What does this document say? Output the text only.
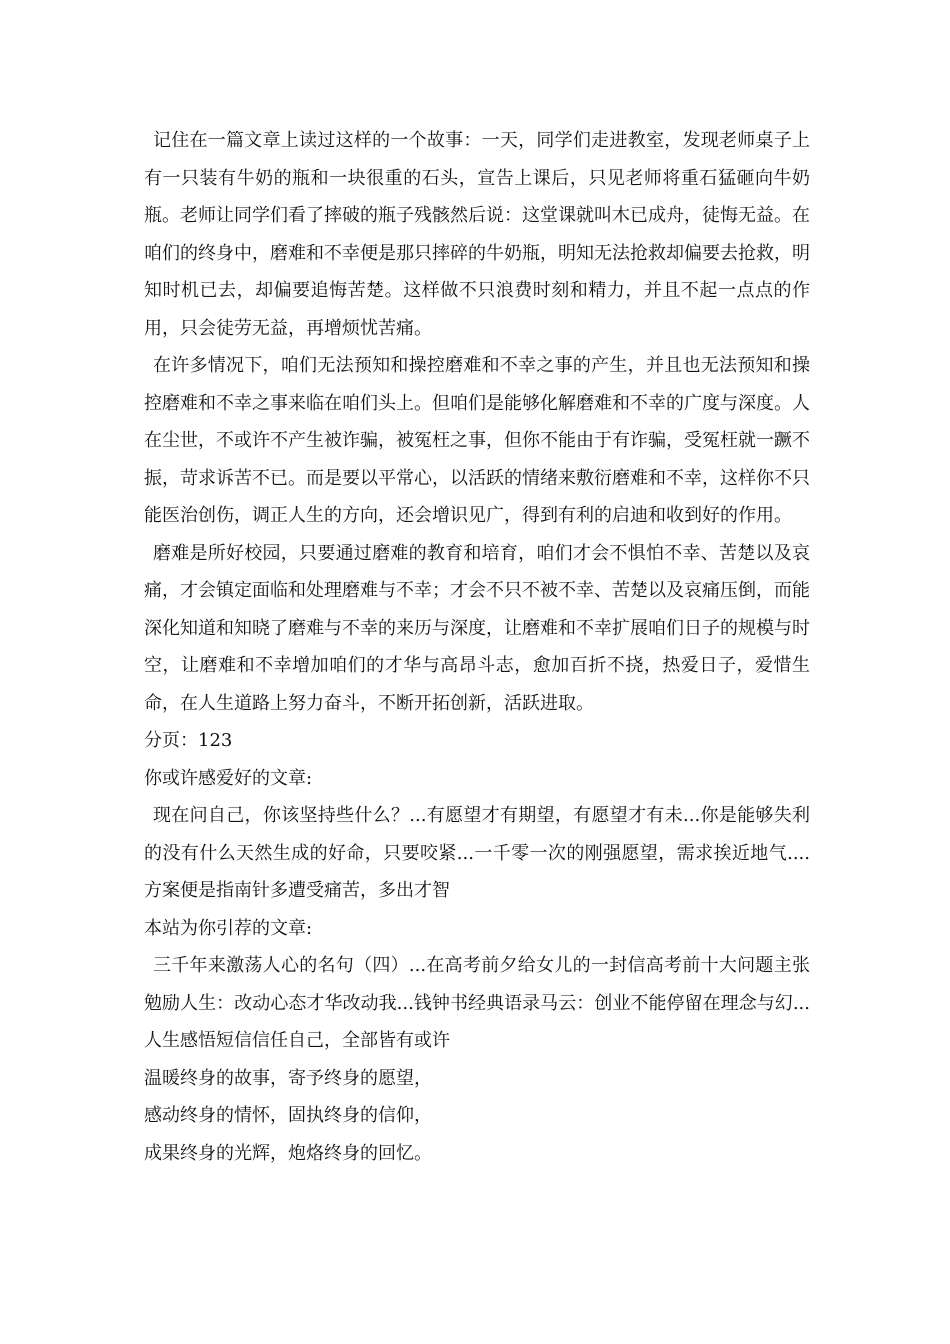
记住在一篇文章上读过这样的一个故事：一天，同学们走进教室，发现老师桌子上有一只装有牛奶的瓶和一块很重的石头，宣告上课后，只见老师将重石猛砸向牛奶瓶。老师让同学们看了摔破的瓶子残骸然后说：这堂课就叫木已成舟，徒悔无益。在咱们的终身中，磨难和不幸便是那只摔碎的牛奶瓶，明知无法抢救却偏要去抢救，明知时机已去，却偏要追悔苦楚。这样做不只浪费时刻和精力，并且不起一点点的作用，只会徒劳无益，再增烦忧苦痛。

在许多情况下，咱们无法预知和操控磨难和不幸之事的产生，并且也无法预知和操控磨难和不幸之事来临在咱们头上。但咱们是能够化解磨难和不幸的广度与深度。人在尘世，不或许不产生被诈骗，被冤枉之事，但你不能由于有诈骗，受冤枉就一蹶不振，苛求诉苦不已。而是要以平常心，以活跃的情绪来敷衍磨难和不幸，这样你不只能医治创伤，调正人生的方向，还会增识见广，得到有利的启迪和收到好的作用。

磨难是所好校园，只要通过磨难的教育和培育，咱们才会不惧怕不幸、苦楚以及哀痛，才会镇定面临和处理磨难与不幸；才会不只不被不幸、苦楚以及哀痛压倒，而能深化知道和知晓了磨难与不幸的来历与深度，让磨难和不幸扩展咱们日子的规模与时空，让磨难和不幸增加咱们的才华与高昂斗志，愈加百折不挠，热爱日子，爱惜生命，在人生道路上努力奋斗，不断开拓创新，活跃进取。

分页：123

你或许感爱好的文章:

现在问自己，你该坚持些什么？...有愿望才有期望，有愿望才有未...你是能够失利的没有什么天然生成的好命，只要咬紧...一千零一次的刚强愿望，需求挨近地气....方案便是指南针多遭受痛苦，多出才智

本站为你引荐的文章:

三千年来激荡人心的名句（四）...在高考前夕给女儿的一封信高考前十大问题主张勉励人生：改动心态才华改动我...钱钟书经典语录马云：创业不能停留在理念与幻...人生感悟短信信任自己，全部皆有或许

温暖终身的故事，寄予终身的愿望，

感动终身的情怀，固执终身的信仰，

成果终身的光辉，炮烙终身的回忆。
